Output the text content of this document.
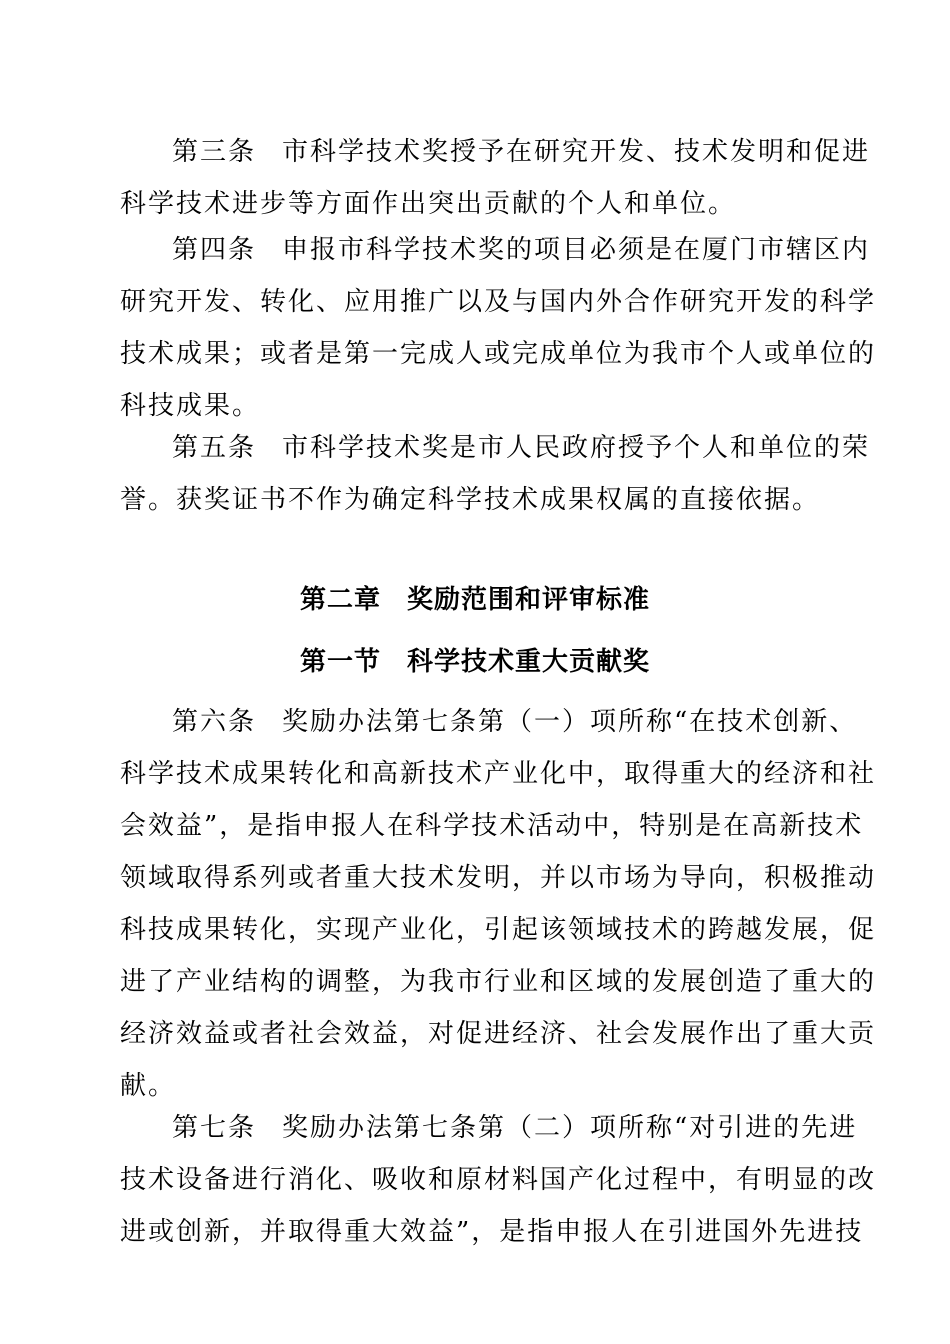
第三条 市科学技术奖授予在研究开发、技术发明和促进
科学技术进步等方面作出突出贡献的个人和单位。
第四条 申报市科学技术奖的项目必须是在厦门市辖区内
研究开发、转化、应用推广以及与国内外合作研究开发的科学
技术成果；或者是第一完成人或完成单位为我市个人或单位的
科技成果。
第五条 市科学技术奖是市人民政府授予个人和单位的荣
誉。获奖证书不作为确定科学技术成果权属的直接依据。
第二章 奖励范围和评审标准
第一节 科学技术重大贡献奖
第六条 奖励办法第七条第（一）项所称“在技术创新、
科学技术成果转化和高新技术产业化中，取得重大的经济和社
会效益”，是指申报人在科学技术活动中，特别是在高新技术
领域取得系列或者重大技术发明，并以市场为导向，积极推动
科技成果转化，实现产业化，引起该领域技术的跨越发展，促
进了产业结构的调整，为我市行业和区域的发展创造了重大的
经济效益或者社会效益，对促进经济、社会发展作出了重大贡
献。
第七条 奖励办法第七条第（二）项所称“对引进的先进
技术设备进行消化、吸收和原材料国产化过程中，有明显的改
进或创新，并取得重大效益”，是指申报人在引进国外先进技
